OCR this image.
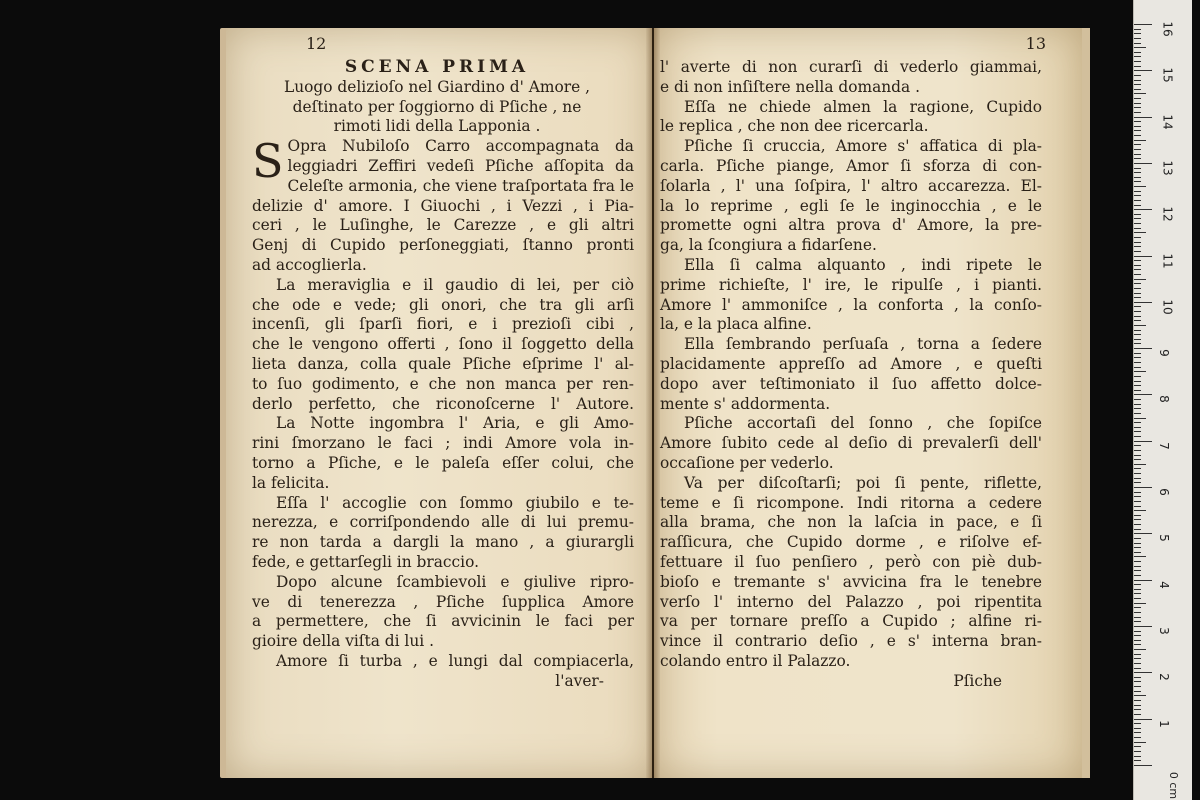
12
SCENA PRIMA
Luogo delizioſo nel Giardino d' Amore ,
deſtinato per ſoggiorno di Pſiche , ne
rimoti lidi della Lapponia .
S Opra Nubiloſo Carro accompagnata da

leggiadri Zeffiri vedeſi Pſiche aſſopita da

Celeſte armonia, che viene traſportata fra le

delizie d' amore. I Giuochi , i Vezzi , i Pia-

ceri , le Luſinghe, le Carezze , e gli altri

Genj di Cupido perſoneggiati, ſtanno pronti

ad accoglierla.

La meraviglia e il gaudio di lei, per ciò

che ode e vede; gli onori, che tra gli arſi

incenſi, gli ſparſi fiori, e i prezioſi cibi ,

che le vengono offerti , ſono il ſoggetto della

lieta danza, colla quale Pſiche eſprime l' al-

to ſuo godimento, e che non manca per ren-

derlo perfetto, che riconoſcerne l' Autore.

La Notte ingombra l' Aria, e gli Amo-

rini ſmorzano le faci ; indi Amore vola in-

torno a Pſiche, e le paleſa eſſer colui, che

la felicita.

Eſſa l' accoglie con ſommo giubilo e te-

nerezza, e corriſpondendo alle di lui premu-

re non tarda a dargli la mano , a giurargli

fede, e gettarſegli in braccio.

Dopo alcune ſcambievoli e giulive ripro-

ve di tenerezza , Pſiche ſupplica Amore

a permettere, che ſi avvicinin le faci per

gioire della viſta di lui .

Amore ſi turba , e lungi dal compiacerla,

l'aver-

13

l' averte di non curarſi di vederlo giammai,

e di non inſiſtere nella domanda .

Eſſa ne chiede almen la ragione, Cupido

le replica , che non dee ricercarla.

Pſiche ſi cruccia, Amore s' affatica di pla-

carla. Pſiche piange, Amor ſi sforza di con-

ſolarla , l' una ſoſpira, l' altro accarezza. El-

la lo reprime , egli ſe le inginocchia , e le

promette ogni altra prova d' Amore, la pre-

ga, la ſcongiura a fidarſene.

Ella ſi calma alquanto , indi ripete le

prime richieſte, l' ire, le ripulſe , i pianti.

Amore l' ammoniſce , la conforta , la conſo-

la, e la placa alfine.

Ella ſembrando perſuaſa , torna a ſedere

placidamente appreſſo ad Amore , e queſti

dopo aver teſtimoniato il ſuo affetto dolce-

mente s' addormenta.

Pſiche accortaſi del ſonno , che ſopiſce

Amore ſubito cede al deſio di prevalerſi dell'

occaſione per vederlo.

Va per diſcoſtarſi; poi ſi pente, riflette,

teme e ſi ricompone. Indi ritorna a cedere

alla brama, che non la laſcia in pace, e ſi

raſſicura, che Cupido dorme , e riſolve ef-

fettuare il ſuo penſiero , però con piè dub-

bioſo e tremante s' avvicina fra le tenebre

verſo l' interno del Palazzo , poi ripentita

va per tornare preſſo a Cupido ; alfine ri-

vince il contrario deſio , e s' interna bran-

colando entro il Palazzo.

Pſiche

0 cm
16
15
14
13
12
11
10
9
8
7
6
5
4
3
2
1
